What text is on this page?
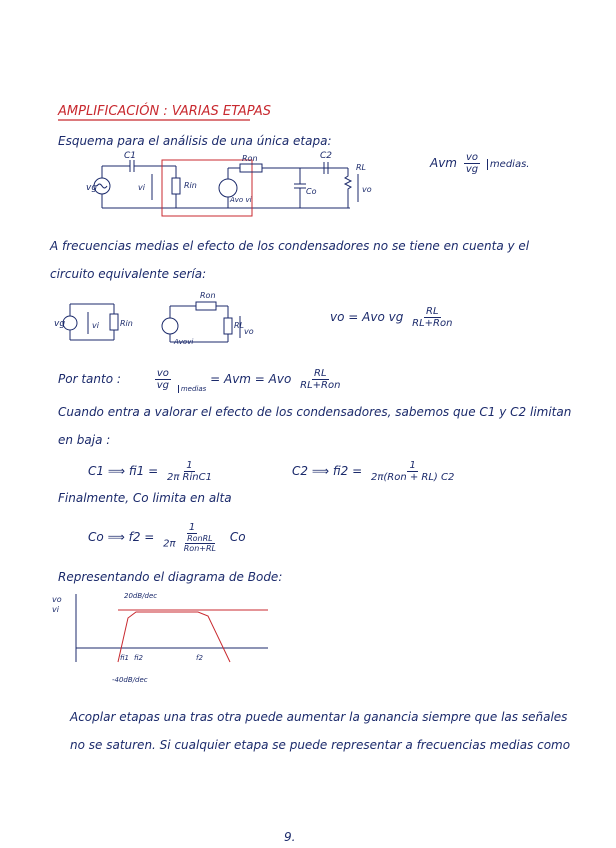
AMPLIFICACIÓN : VARIAS ETAPAS
Esquema para el análisis de una única etapa:
vg
C1
vi	Rin
Ron
Avo vi
C2
Co
RL
vo
Avm $\frac{vo}{vg}$ medias.
A frecuencias medias el efecto de los condensadores no se tiene en cuenta y el
circuito equivalente sería:
vg	vi	Rin
Ron
Avovi
RL
vo
vo = Avo vg $\frac{RL}{\text{RL+Ron}}$
Por tanto :	$\frac{vo}{vg} _{medias}$ = Avm = Avo $\frac{RL}{\text{RL+Ron}}$
Cuando entra a valorar el efecto de los condensadores, sabemos que C1 y C2 limitan
en baja :
C1 ⟹ $fi1 = \frac{1}{\text{2π RinC1}}$	C2 ⟹ $fi2 = \frac{1}{\text{2π(Ron + RL) C2}}$
Finalmente, Co limita en alta
Co ⟹ $f2 = \frac{1}{2\pi \frac{\text{RonRL}}{\text{Ron+RL}}}$ Co
Representando el diagrama de Bode:
vo
vi
20dB/dec
fi1 fi2	f2
-40dB/dec
Acoplar etapas una tras otra puede aumentar la ganancia siempre que las señales
no se saturen. Si cualquier etapa se puede representar a frecuencias medias como
9.
